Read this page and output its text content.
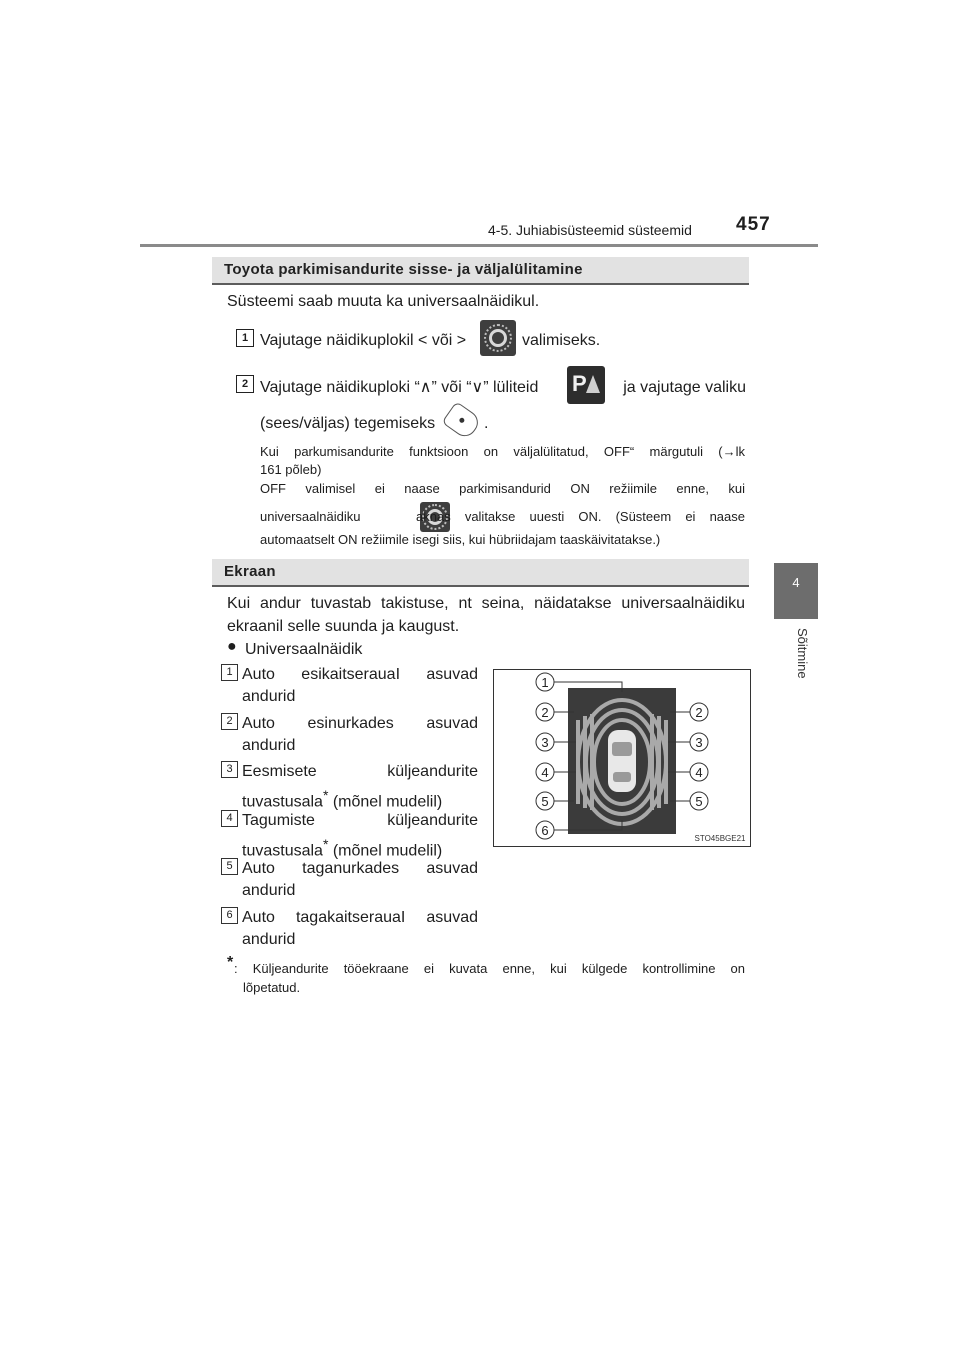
4-5. Juhiabisüsteemid süsteemid 457
4
Sõitmine
Toyota parkimisandurite sisse- ja väljalülitamine
Süsteemi saab muuta ka universaalnäidikul.
1 Vajutage näidikuplokil < või >
	valimiseks.
2 Vajutage näidikuploki “∧” või “∨” lüliteid P ja vajutage valiku
(sees/väljas) tegemiseks	.
Kui parkumisandurite funktsioon on väljalülitatud, OFF“ märgutuli (→lk
161 põleb)
OFF valimisel ei naase parkimisandurid ON režiimile enne, kui
universaalnäidiku	aknas valitakse uuesti ON. (Süsteem ei naase
automaatselt ON režiimile isegi siis, kui hübriidajam taaskäivitatakse.)
Ekraan
Kui andur tuvastab takistuse, nt seina, näidatakse universaalnäidiku
ekraanil selle suunda ja kaugust.
● Universaalnäidik
1 Auto esikaitserauaI asuvad
andurid
2 Auto esinurkades asuvad
andurid
3 Eesmisete küljeandurite
tuvastusala* (mõnel mudelil)
4 Tagumiste küljeandurite
tuvastusala* (mõnel mudelil)
5 Auto taganurkades asuvad
andurid
6 Auto tagakaitserauaI asuvad
andurid
1
2
3
4
5
6
2
3
4
5
STO45BGE21
* : Küljeandurite tööekraane ei kuvata enne, kui külgede kontrollimine on
lõpetatud.
